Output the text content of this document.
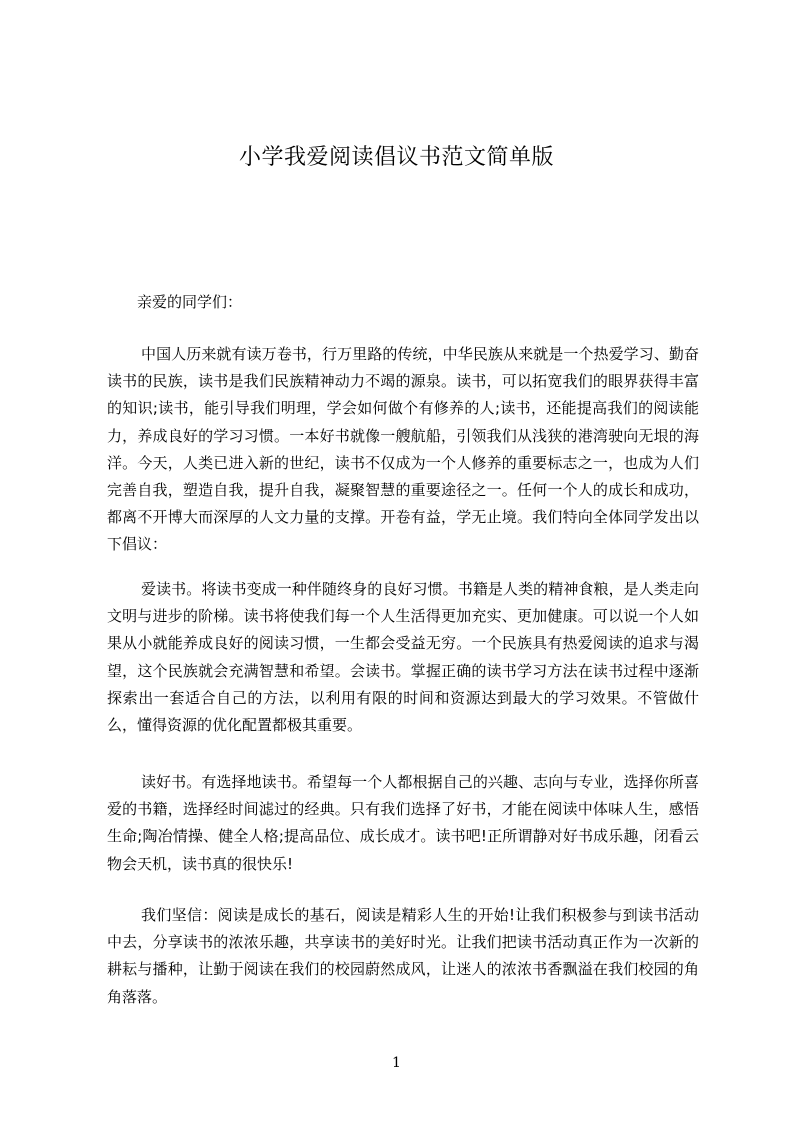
小学我爱阅读倡议书范文简单版

亲爱的同学们：

中国人历来就有读万卷书，行万里路的传统，中华民族从来就是一个热爱学习、勤奋读书的民族，读书是我们民族精神动力不竭的源泉。读书，可以拓宽我们的眼界获得丰富的知识;读书，能引导我们明理，学会如何做个有修养的人;读书，还能提高我们的阅读能力，养成良好的学习习惯。一本好书就像一艘航船，引领我们从浅狭的港湾驶向无垠的海洋。今天，人类已进入新的世纪，读书不仅成为一个人修养的重要标志之一，也成为人们完善自我，塑造自我，提升自我，凝聚智慧的重要途径之一。任何一个人的成长和成功，都离不开博大而深厚的人文力量的支撑。开卷有益，学无止境。我们特向全体同学发出以下倡议：

爱读书。将读书变成一种伴随终身的良好习惯。书籍是人类的精神食粮，是人类走向文明与进步的阶梯。读书将使我们每一个人生活得更加充实、更加健康。可以说一个人如果从小就能养成良好的阅读习惯，一生都会受益无穷。一个民族具有热爱阅读的追求与渴望，这个民族就会充满智慧和希望。会读书。掌握正确的读书学习方法在读书过程中逐渐探索出一套适合自己的方法，以利用有限的时间和资源达到最大的学习效果。不管做什么，懂得资源的优化配置都极其重要。

读好书。有选择地读书。希望每一个人都根据自己的兴趣、志向与专业，选择你所喜爱的书籍，选择经时间滤过的经典。只有我们选择了好书，才能在阅读中体味人生，感悟生命;陶冶情操、健全人格;提高品位、成长成才。读书吧!正所谓静对好书成乐趣，闭看云物会天机，读书真的很快乐!

我们坚信：阅读是成长的基石，阅读是精彩人生的开始!让我们积极参与到读书活动中去，分享读书的浓浓乐趣，共享读书的美好时光。让我们把读书活动真正作为一次新的耕耘与播种，让勤于阅读在我们的校园蔚然成风，让迷人的浓浓书香飘溢在我们校园的角角落落。

1
